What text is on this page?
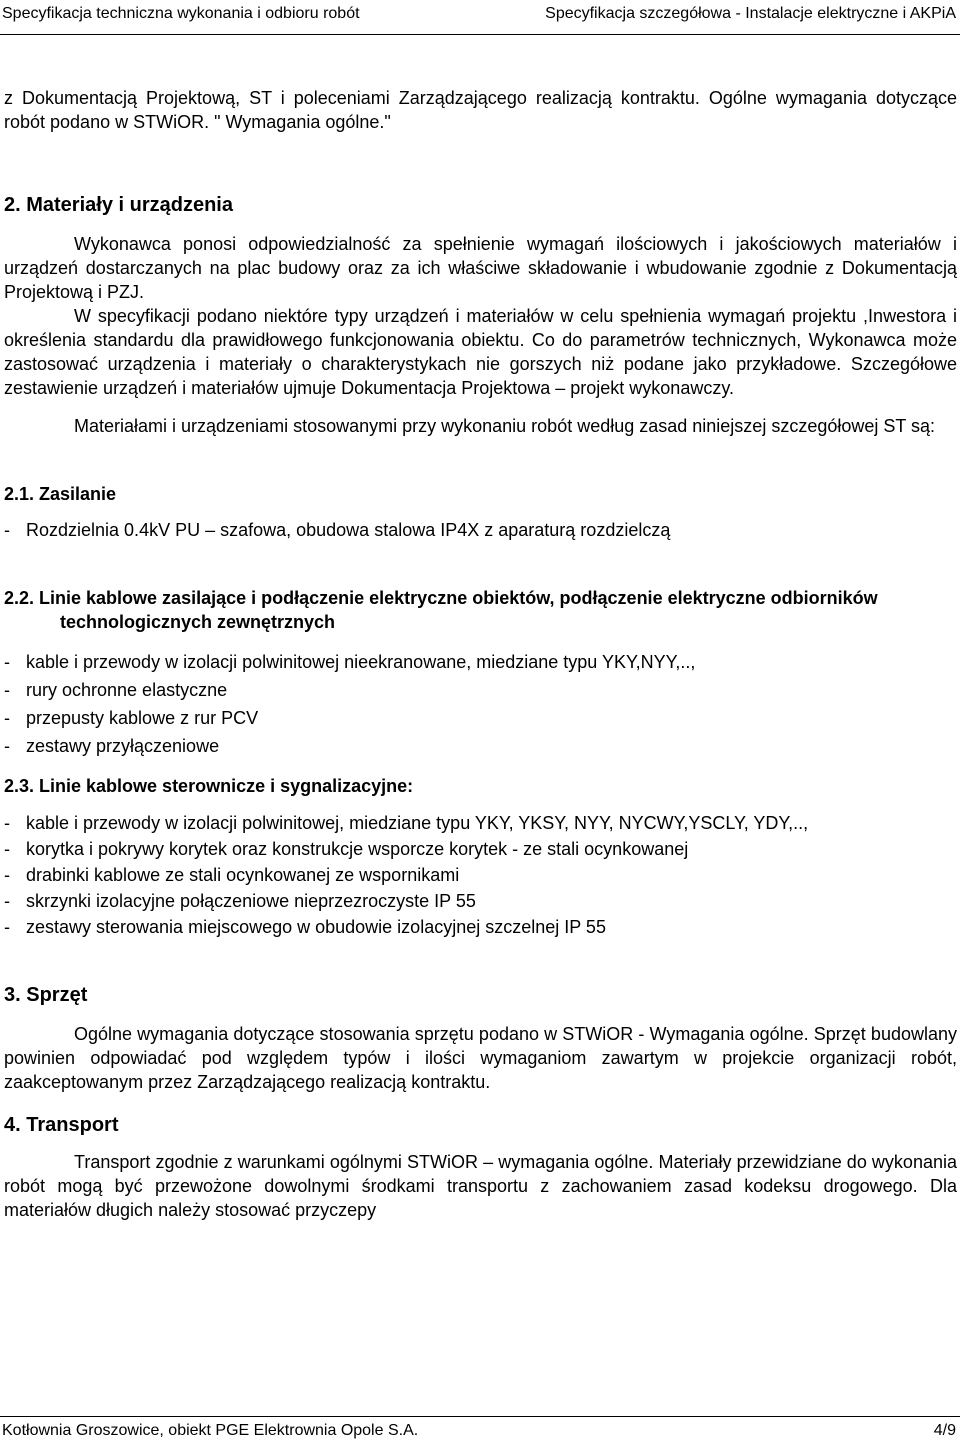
Specyfikacja techniczna wykonania i odbioru robót	Specyfikacja szczegółowa - Instalacje elektryczne i AKPiA

z Dokumentacją Projektową, ST i poleceniami Zarządzającego realizacją kontraktu. Ogólne wymagania dotyczące robót podano w STWiOR. " Wymagania ogólne."

2. Materiały i urządzenia

Wykonawca ponosi odpowiedzialność za spełnienie wymagań ilościowych i jakościowych materiałów i urządzeń dostarczanych na plac budowy oraz za ich właściwe składowanie i wbudowanie zgodnie z Dokumentacją Projektową i PZJ.

W specyfikacji podano niektóre typy urządzeń i materiałów w celu spełnienia wymagań projektu ,Inwestora i określenia standardu dla prawidłowego funkcjonowania obiektu. Co do parametrów technicznych, Wykonawca może zastosować urządzenia i materiały o charakterystykach nie gorszych niż podane jako przykładowe. Szczegółowe zestawienie urządzeń i materiałów ujmuje Dokumentacja Projektowa – projekt wykonawczy.

Materiałami i urządzeniami stosowanymi przy wykonaniu robót według zasad niniejszej szczegółowej ST są:

2.1. Zasilanie
- Rozdzielnia 0.4kV PU – szafowa, obudowa stalowa IP4X z aparaturą rozdzielczą
2.2. Linie kablowe zasilające i podłączenie elektryczne obiektów, podłączenie elektryczne odbiorników technologicznych zewnętrznych
- kable i przewody w izolacji polwinitowej nieekranowane, miedziane typu YKY,NYY,..,
- rury ochronne elastyczne
- przepusty kablowe z rur PCV
- zestawy przyłączeniowe
2.3. Linie kablowe sterownicze i sygnalizacyjne:
- kable i przewody w izolacji polwinitowej, miedziane typu YKY, YKSY, NYY, NYCWY,YSCLY, YDY,..,
- korytka i pokrywy korytek oraz konstrukcje wsporcze korytek - ze stali ocynkowanej
- drabinki kablowe ze stali ocynkowanej ze wspornikami
- skrzynki izolacyjne połączeniowe nieprzezroczyste IP 55
- zestawy sterowania miejscowego w obudowie izolacyjnej szczelnej IP 55
3. Sprzęt

Ogólne wymagania dotyczące stosowania sprzętu podano w STWiOR - Wymagania ogólne. Sprzęt budowlany powinien odpowiadać pod względem typów i ilości wymaganiom zawartym w projekcie organizacji robót, zaakceptowanym przez Zarządzającego realizacją kontraktu.

4. Transport

Transport zgodnie z warunkami ogólnymi STWiOR – wymagania ogólne. Materiały przewidziane do wykonania robót mogą być przewożone dowolnymi środkami transportu z zachowaniem zasad kodeksu drogowego. Dla materiałów długich należy stosować przyczepy

Kotłownia Groszowice, obiekt PGE Elektrownia Opole S.A.	4/9
